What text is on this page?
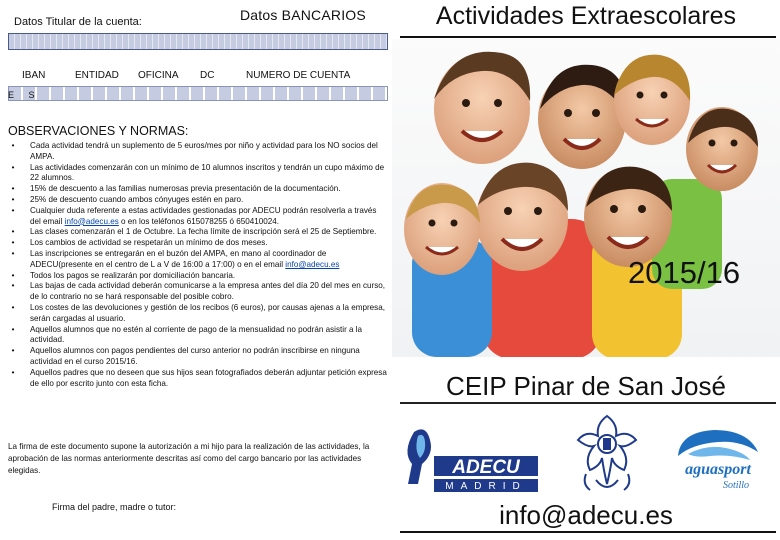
Datos BANCARIOS
Datos Titular de la cuenta:
IBAN	ENTIDAD OFICINA DC	NUMERO DE CUENTA
E S
OBSERVACIONES Y NORMAS:
•	Cada actividad tendrá un suplemento de 5 euros/mes por niño y actividad para los NO socios del AMPA.
•	Las actividades comenzarán con un mínimo de 10 alumnos inscritos y tendrán un cupo máximo de 22 alumnos.
•	15% de descuento a las familias numerosas previa presentación de la documentación.
•	25% de descuento cuando ambos cónyuges estén en paro.
•	Cualquier duda referente a estas actividades gestionadas por ADECU podrán resolverla a través del email info@adecu.es o en los teléfonos 615078255 ó 650410024.
•	Las clases comenzarán el 1 de Octubre. La fecha límite de inscripción será el 25 de Septiembre.
•	Los cambios de actividad se respetarán un mínimo de dos meses.
•	Las inscripciones se entregarán en el buzón del AMPA, en mano al coordinador de ADECU(presente en el centro de L a V de 16:00 a 17:00) o en el email info@adecu.es
•	Todos los pagos se realizarán por domiciliación bancaria.
•	Las bajas de cada actividad deberán comunicarse a la empresa antes del día 20 del mes en curso, de lo contrario no se hará responsable del posible cobro.
•	Los costes de las devoluciones y gestión de los recibos (6 euros), por causas ajenas a la empresa, serán cargadas al usuario.
•	Aquellos alumnos que no estén al corriente de pago de la mensualidad no podrán asistir a la actividad.
•	Aquellos alumnos con pagos pendientes del curso anterior no podrán inscribirse en ninguna actividad en el curso 2015/16.
•	Aquellos padres que no deseen que sus hijos sean fotografiados deberán adjuntar petición expresa de ello por escrito junto con esta ficha.
La firma de este documento supone la autorización a mi hijo para la realización de las actividades, la aprobación de las normas anteriormente descritas así como del cargo bancario por las actividades elegidas.
Firma del padre, madre o tutor:
Actividades Extraescolares
2015/16
CEIP Pinar de San José
ADECU
MADRID
aguasport
Sotillo
info@adecu.es
